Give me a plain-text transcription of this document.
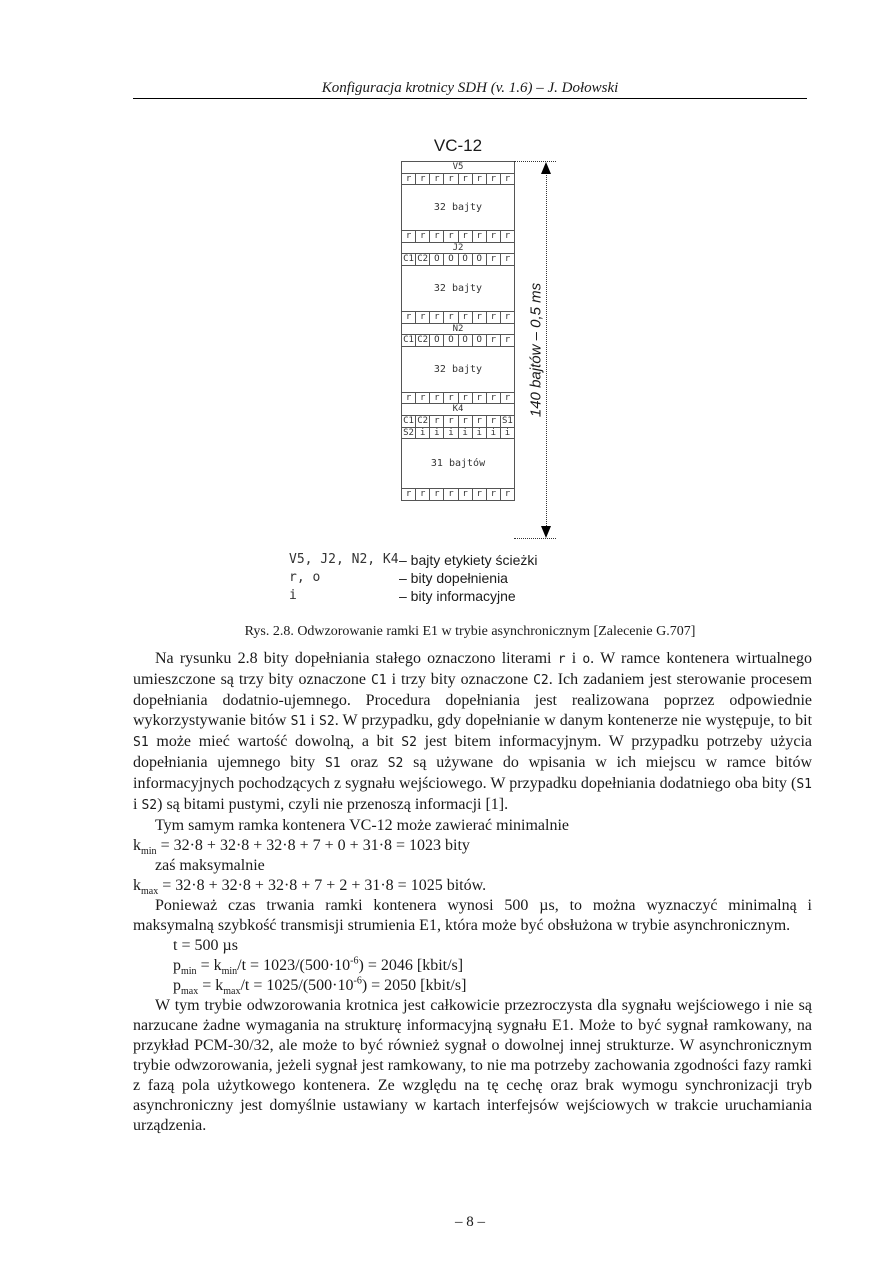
Konfiguracja krotnicy SDH (v. 1.6) – J. Dołowski
VC-12
V5
r r r r r r r r
32 bajty
r r r r r r r r
J2
C1 C2 O O O O r r
32 bajty
r r r r r r r r
N2
C1 C2 O O O O r r
32 bajty
r r r r r r r r
K4
C1 C2 r r r r r S1
S2 i i i i i i i
31 bajtów
r r r r r r r r
140 bajtów – 0,5 ms
V5, J2, N2, K4 – bajty etykiety ścieżki
r, o	– bity dopełnienia
i	– bity informacyjne
Rys. 2.8. Odwzorowanie ramki E1 w trybie asynchronicznym [Zalecenie G.707]

Na rysunku 2.8 bity dopełniania stałego oznaczono literami r i o. W ramce kontenera wirtualnego umieszczone są trzy bity oznaczone C1 i trzy bity oznaczone C2. Ich zadaniem jest sterowanie procesem dopełniania dodatnio-ujemnego. Procedura dopełniania jest realizowana poprzez odpowiednie wykorzystywanie bitów S1 i S2. W przypadku, gdy dopełnianie w danym kontenerze nie występuje, to bit S1 może mieć wartość dowolną, a bit S2 jest bitem informacyjnym. W przypadku potrzeby użycia dopełniania ujemnego bity S1 oraz S2 są używane do wpisania w ich miejscu w ramce bitów informacyjnych pochodzących z sygnału wejściowego. W przypadku dopełniania dodatniego oba bity (S1 i S2) są bitami pustymi, czyli nie przenoszą informacji [1].

Tym samym ramka kontenera VC-12 może zawierać minimalnie

$k_{min} = 32\cdot 8 + 32\cdot 8 + 32\cdot 8 + 7 + 0 + 31\cdot 8 = 1023$ bity

zaś maksymalnie

$k_{max} = 32\cdot 8 + 32\cdot 8 + 32\cdot 8 + 7 + 2 + 31\cdot 8 = 1025$ bitów.

Ponieważ czas trwania ramki kontenera wynosi 500 µs, to można wyznaczyć minimalną i maksymalną szybkość transmisji strumienia E1, która może być obsłużona w trybie asynchronicznym.

t = 500 µs

$p_{min} = k_{min}/t = 1023/(500\cdot 10^{-6}) = 2046$ [kbit/s]

$p_{max} = k_{max}/t = 1025/(500\cdot 10^{-6}) = 2050$ [kbit/s]

W tym trybie odwzorowania krotnica jest całkowicie przezroczysta dla sygnału wejściowego i nie są narzucane żadne wymagania na strukturę informacyjną sygnału E1. Może to być sygnał ramkowany, na przykład PCM-30/32, ale może to być również sygnał o dowolnej innej strukturze. W asynchronicznym trybie odwzorowania, jeżeli sygnał jest ramkowany, to nie ma potrzeby zachowania zgodności fazy ramki z fazą pola użytkowego kontenera. Ze względu na tę cechę oraz brak wymogu synchronizacji tryb asynchroniczny jest domyślnie ustawiany w kartach interfejsów wejściowych w trakcie uruchamiania urządzenia.

– 8 –
